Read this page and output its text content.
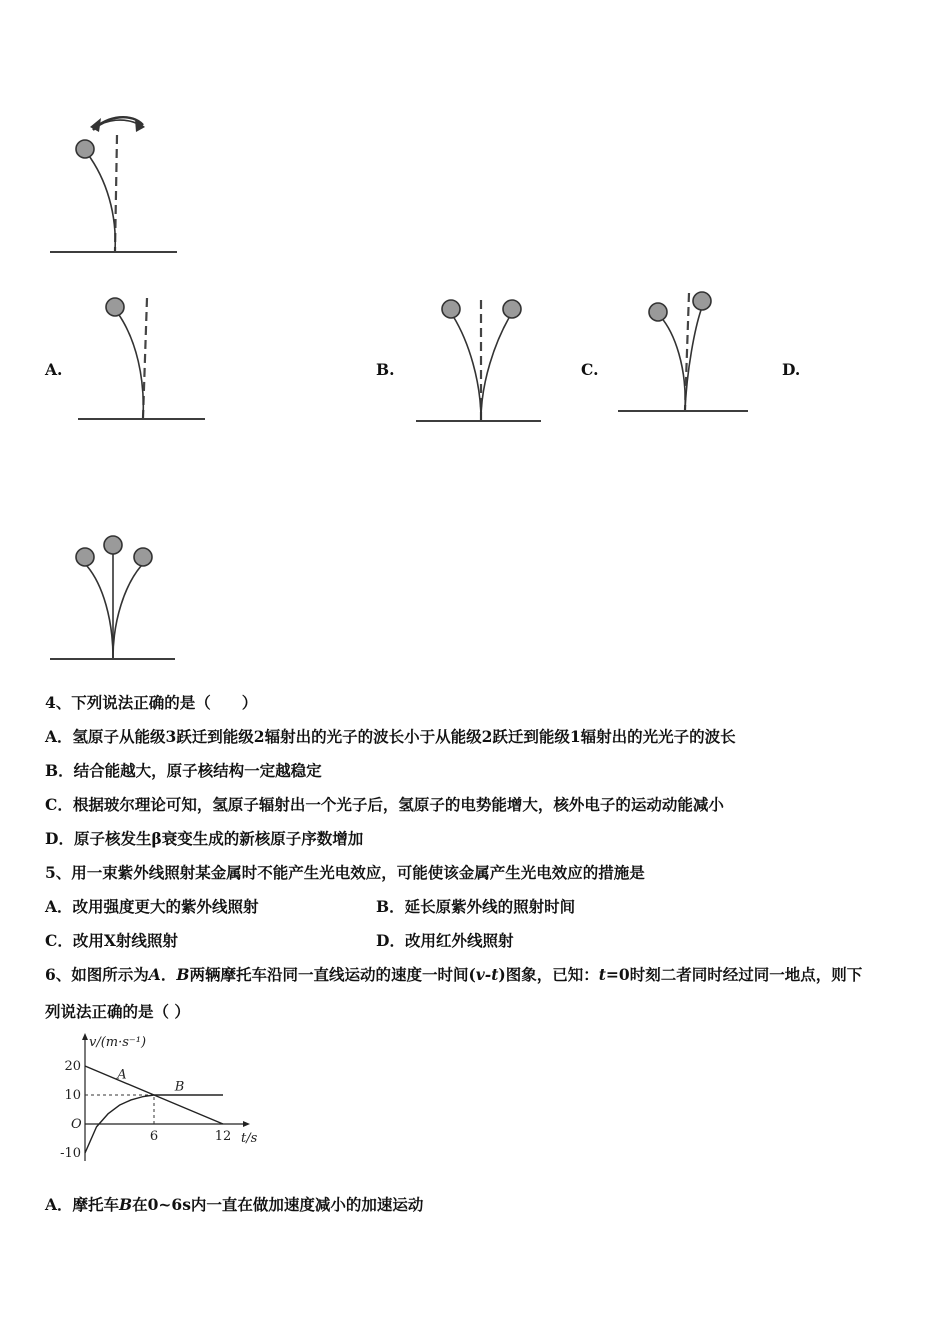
A.	B.	C.	D.
4、下列说法正确的是（　　）
A．氢原子从能级3跃迁到能级2辐射出的光子的波长小于从能级2跃迁到能级1辐射出的光光子的波长
B．结合能越大，原子核结构一定越稳定
C．根据玻尔理论可知，氢原子辐射出一个光子后，氢原子的电势能增大，核外电子的运动动能减小
D．原子核发生β衰变生成的新核原子序数增加
5、用一束紫外线照射某金属时不能产生光电效应，可能使该金属产生光电效应的措施是
A．改用强度更大的紫外线照射	B．延长原紫外线的照射时间
C．改用X射线照射	D．改用红外线照射
6、如图所示为A．B两辆摩托车沿同一直线运动的速度一时间(v-t)图象，已知：t=0时刻二者同时经过同一地点，则下
列说法正确的是（ ）
v/(m·s⁻¹)
t/s
O
20
10
-10
6	12
A
B
A．摩托车B在0~6s内一直在做加速度减小的加速运动
